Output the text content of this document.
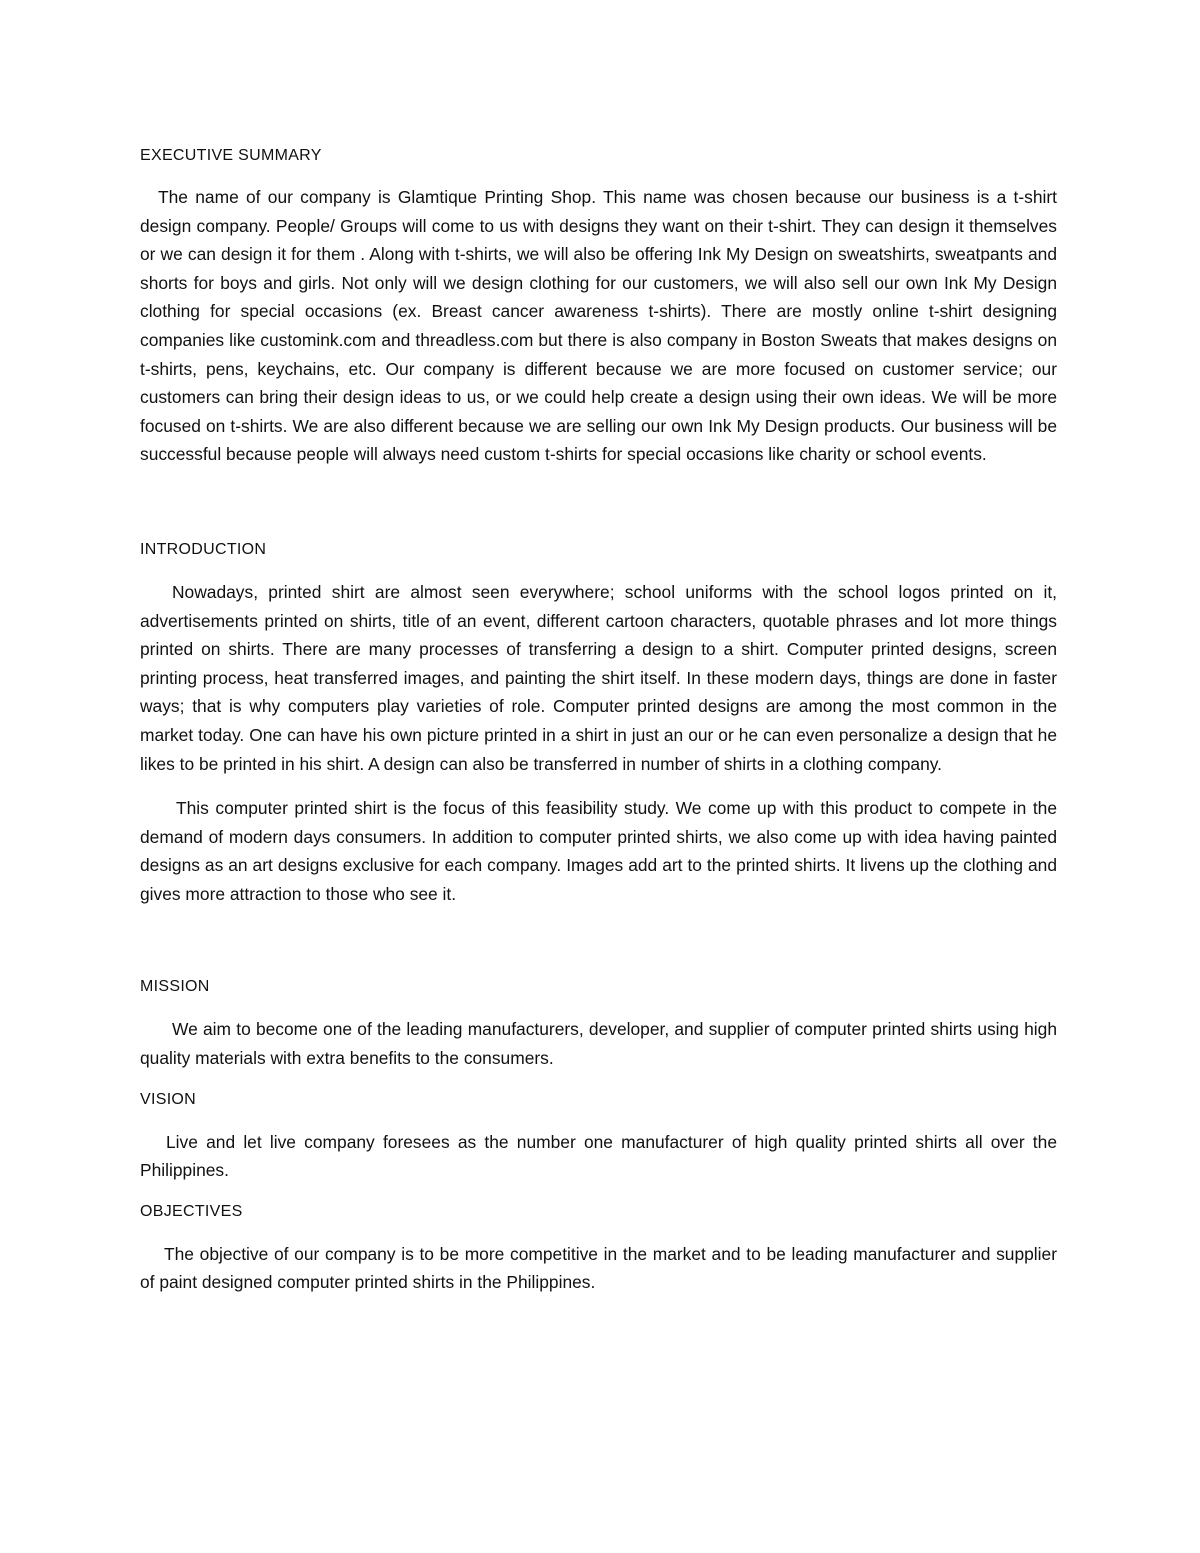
EXECUTIVE SUMMARY

The name of our company is Glamtique Printing Shop. This name was chosen because our business is a t-shirt design company. People/ Groups will come to us with designs they want on their t-shirt. They can design it themselves or we can design it for them . Along with t-shirts, we will also be offering Ink My Design on sweatshirts, sweatpants and shorts for boys and girls. Not only will we design clothing for our customers, we will also sell our own Ink My Design clothing for special occasions (ex. Breast cancer awareness t-shirts). There are mostly online t-shirt designing companies like customink.com and threadless.com but there is also company in Boston Sweats that makes designs on t-shirts, pens, keychains, etc. Our company is different because we are more focused on customer service; our customers can bring their design ideas to us, or we could help create a design using their own ideas. We will be more focused on t-shirts. We are also different because we are selling our own Ink My Design products. Our business will be successful because people will always need custom t-shirts for special occasions like charity or school events.

INTRODUCTION

Nowadays, printed shirt are almost seen everywhere; school uniforms with the school logos printed on it, advertisements printed on shirts, title of an event, different cartoon characters, quotable phrases and lot more things printed on shirts. There are many processes of transferring a design to a shirt. Computer printed designs, screen printing process, heat transferred images, and painting the shirt itself. In these modern days, things are done in faster ways; that is why computers play varieties of role. Computer printed designs are among the most common in the market today. One can have his own picture printed in a shirt in just an our or he can even personalize a design that he likes to be printed in his shirt. A design can also be transferred in number of shirts in a clothing company.

This computer printed shirt is the focus of this feasibility study. We come up with this product to compete in the demand of modern days consumers. In addition to computer printed shirts, we also come up with idea having painted designs as an art designs exclusive for each company. Images add art to the printed shirts. It livens up the clothing and gives more attraction to those who see it.

MISSION

We aim to become one of the leading manufacturers, developer, and supplier of computer printed shirts using high quality materials with extra benefits to the consumers.

VISION

Live and let live company foresees as the number one manufacturer of high quality printed shirts all over the Philippines.

OBJECTIVES

The objective of our company is to be more competitive in the market and to be leading manufacturer and supplier of paint designed computer printed shirts in the Philippines.
